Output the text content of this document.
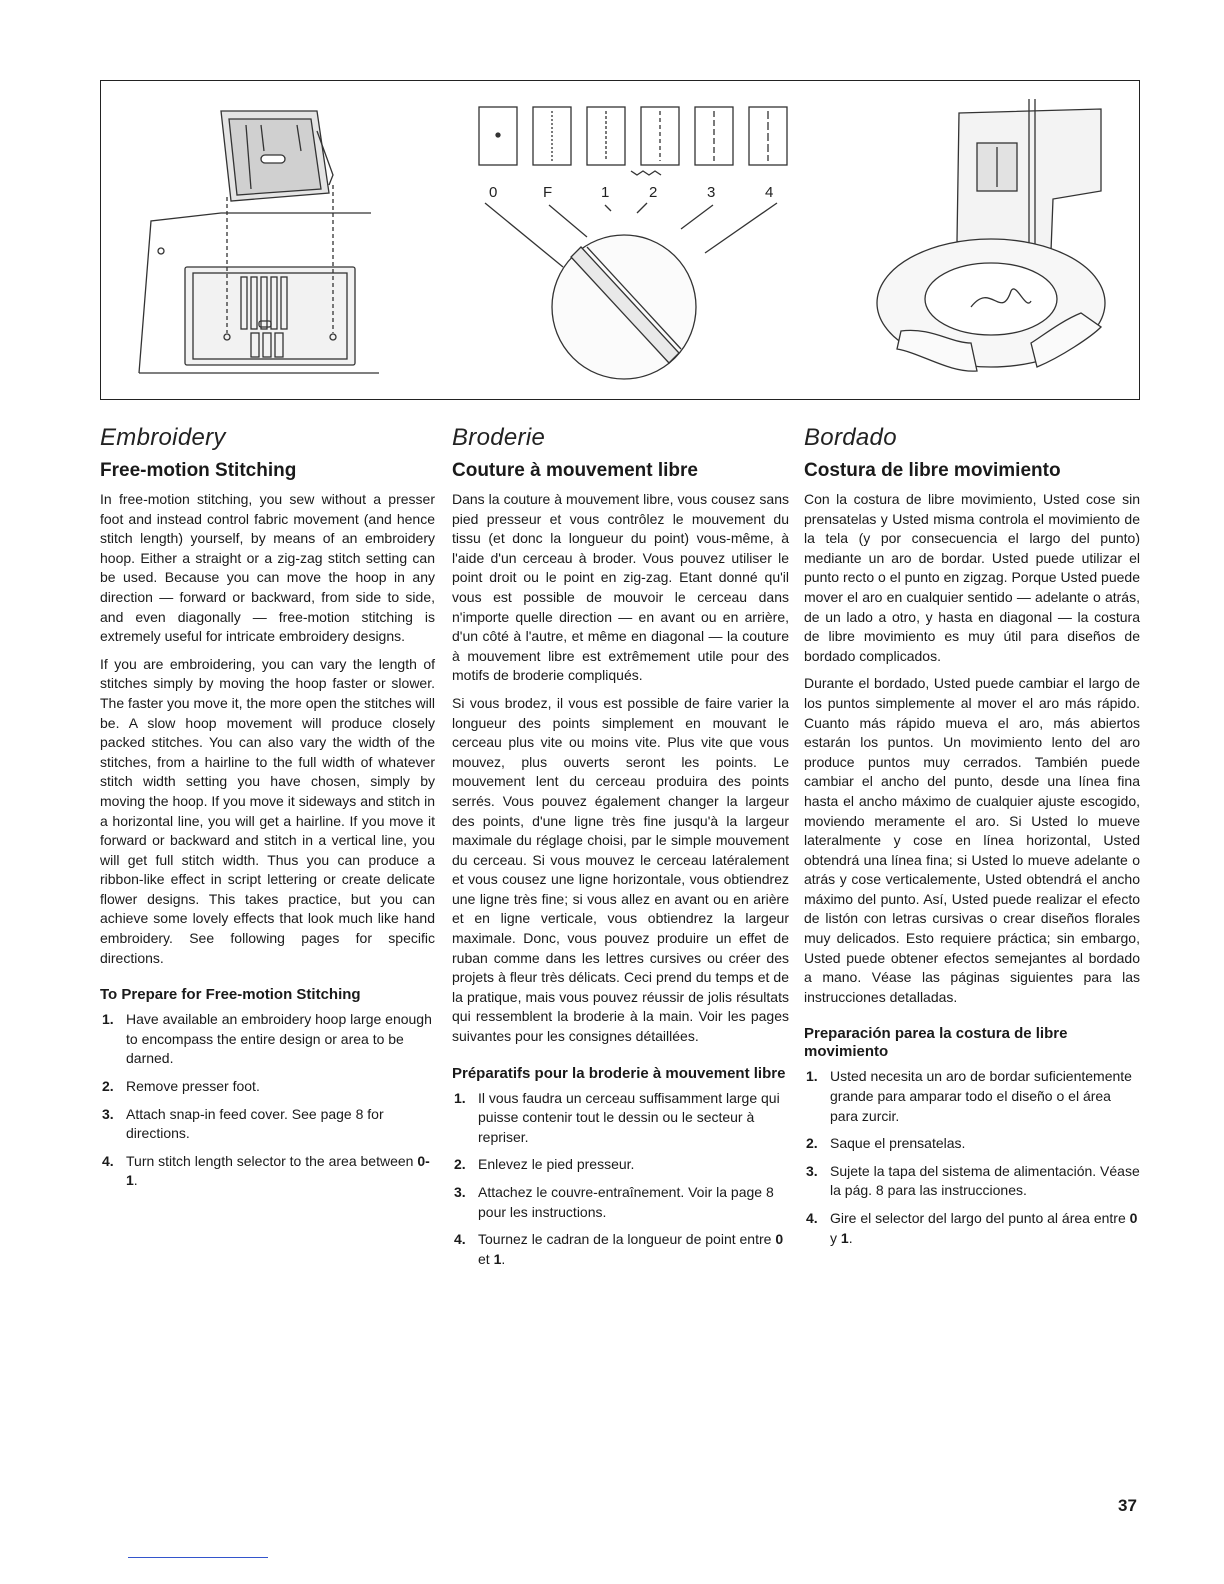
0	F	1	2	3	4
Embroidery
Free-motion Stitching

In free-motion stitching, you sew without a presser foot and instead control fabric movement (and hence stitch length) yourself, by means of an embroidery hoop. Either a straight or a zig-zag stitch setting can be used. Because you can move the hoop in any direction — forward or backward, from side to side, and even diagonally — free-motion stitching is extremely useful for intricate embroidery designs.

If you are embroidering, you can vary the length of stitches simply by moving the hoop faster or slower. The faster you move it, the more open the stitches will be. A slow hoop movement will produce closely packed stitches. You can also vary the width of the stitches, from a hairline to the full width of whatever stitch width setting you have chosen, simply by moving the hoop. If you move it sideways and stitch in a horizontal line, you will get a hairline. If you move it forward or backward and stitch in a vertical line, you will get full stitch width. Thus you can produce a ribbon-like effect in script lettering or create delicate flower designs. This takes practice, but you can achieve some lovely effects that look much like hand embroidery. See following pages for specific directions.

To Prepare for Free-motion Stitching
1. Have available an embroidery hoop large enough to encompass the entire design or area to be darned.
2. Remove presser foot.
3. Attach snap-in feed cover. See page 8 for directions.
4. Turn stitch length selector to the area between 0-1.
Broderie
Couture à mouvement libre

Dans la couture à mouvement libre, vous cousez sans pied presseur et vous contrôlez le mouvement du tissu (et donc la longueur du point) vous-même, à l'aide d'un cerceau à broder. Vous pouvez utiliser le point droit ou le point en zig-zag. Etant donné qu'il vous est possible de mouvoir le cerceau dans n'importe quelle direction — en avant ou en arrière, d'un côté à l'autre, et même en diagonal — la couture à mouvement libre est extrêmement utile pour des motifs de broderie compliqués.

Si vous brodez, il vous est possible de faire varier la longueur des points simplement en mouvant le cerceau plus vite ou moins vite. Plus vite que vous mouvez, plus ouverts seront les points. Le mouvement lent du cerceau produira des points serrés. Vous pouvez également changer la largeur des points, d'une ligne très fine jusqu'à la largeur maximale du réglage choisi, par le simple mouvement du cerceau. Si vous mouvez le cerceau latéralement et vous cousez une ligne horizontale, vous obtiendrez une ligne très fine; si vous allez en avant ou en arière et en ligne verticale, vous obtiendrez la largeur maximale. Donc, vous pouvez produire un effet de ruban comme dans les lettres cursives ou créer des projets à fleur très délicats. Ceci prend du temps et de la pratique, mais vous pouvez réussir de jolis résultats qui ressemblent la broderie à la main. Voir les pages suivantes pour les consignes détaillées.

Préparatifs pour la broderie à mouvement libre
1. Il vous faudra un cerceau suffisamment large qui puisse contenir tout le dessin ou le secteur à repriser.
2. Enlevez le pied presseur.
3. Attachez le couvre-entraînement. Voir la page 8 pour les instructions.
4. Tournez le cadran de la longueur de point entre 0 et 1.
Bordado
Costura de libre movimiento

Con la costura de libre movimiento, Usted cose sin prensatelas y Usted misma controla el movimiento de la tela (y por consecuencia el largo del punto) mediante un aro de bordar. Usted puede utilizar el punto recto o el punto en zigzag. Porque Usted puede mover el aro en cualquier sentido — adelante o atrás, de un lado a otro, y hasta en diagonal — la costura de libre movimiento es muy útil para diseños de bordado complicados.

Durante el bordado, Usted puede cambiar el largo de los puntos simplemente al mover el aro más rápido. Cuanto más rápido mueva el aro, más abiertos estarán los puntos. Un movimiento lento del aro produce puntos muy cerrados. También puede cambiar el ancho del punto, desde una línea fina hasta el ancho máximo de cualquier ajuste escogido, moviendo meramente el aro. Si Usted lo mueve lateralmente y cose en línea horizontal, Usted obtendrá una línea fina; si Usted lo mueve adelante o atrás y cose verticalemente, Usted obtendrá el ancho máximo del punto. Así, Usted puede realizar el efecto de listón con letras cursivas o crear diseños florales muy delicados. Esto requiere práctica; sin embargo, Usted puede obtener efectos semejantes al bordado a mano. Véase las páginas siguientes para las instrucciones detalladas.

Preparación parea la costura de libre movimiento
1. Usted necesita un aro de bordar suficientemente grande para amparar todo el diseño o el área para zurcir.
2. Saque el prensatelas.
3. Sujete la tapa del sistema de alimentación. Véase la pág. 8 para las instrucciones.
4. Gire el selector del largo del punto al área entre 0 y 1.
37
